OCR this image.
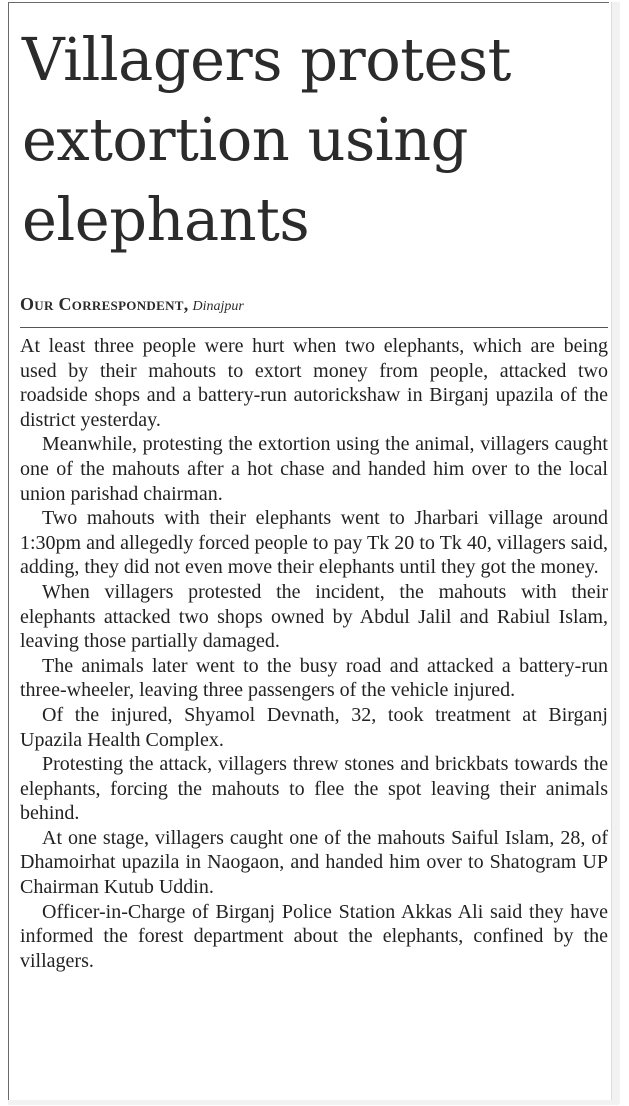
Villagers protest extortion using elephants
Our Correspondent, Dinajpur

At least three people were hurt when two elephants, which are being used by their mahouts to extort money from people, attacked two roadside shops and a battery-run autorickshaw in Birganj upazila of the district yesterday.

Meanwhile, protesting the extortion using the animal, villagers caught one of the mahouts after a hot chase and handed him over to the local union parishad chairman.

Two mahouts with their elephants went to Jharbari village around 1:30pm and allegedly forced people to pay Tk 20 to Tk 40, villagers said, adding, they did not even move their elephants until they got the money.

When villagers protested the incident, the mahouts with their elephants attacked two shops owned by Abdul Jalil and Rabiul Islam, leaving those partially damaged.

The animals later went to the busy road and attacked a battery-run three-wheeler, leaving three passengers of the vehicle injured.

Of the injured, Shyamol Devnath, 32, took treatment at Birganj Upazila Health Complex.

Protesting the attack, villagers threw stones and brickbats towards the elephants, forcing the mahouts to flee the spot leaving their animals behind.

At one stage, villagers caught one of the mahouts Saiful Islam, 28, of Dhamoirhat upazila in Naogaon, and handed him over to Shatogram UP Chairman Kutub Uddin.

Officer-in-Charge of Birganj Police Station Akkas Ali said they have informed the forest department about the elephants, confined by the villagers.
